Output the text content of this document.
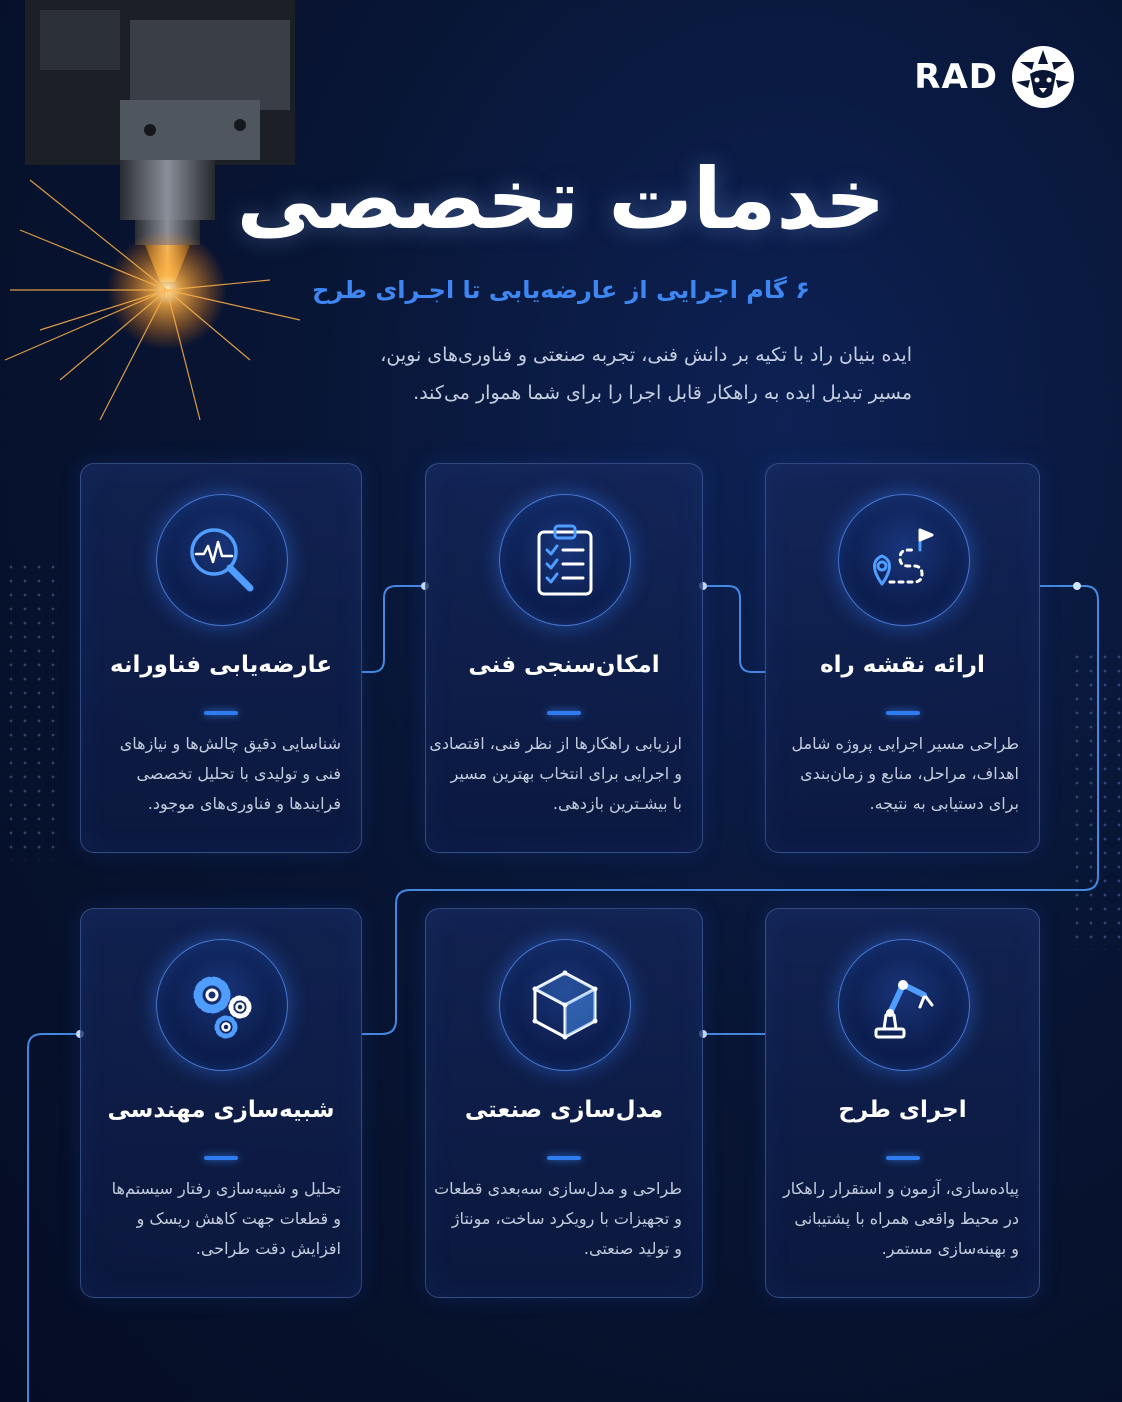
RAD
خدمات تخصصی
۶ گام اجرایی از عارضه‌یابی تا اجـرای طرح
ایده بنیان راد با تکیه بر دانش فنی، تجربه صنعتی و فناوری‌های نوین،
مسیر تبدیل ایده به راهکار قابل اجرا را برای شما هموار می‌کند.
ارائه نقشه راه
طراحی مسیر اجرایی پروژه شامل
اهداف، مراحل، منابع و زمان‌بندی
برای دستیابی به نتیجه.
امکان‌سنجی فنی
ارزیابی راهکارها از نظر فنی، اقتصادی
و اجرایی برای انتخاب بهترین مسیر
با بیشـترین بازدهی.
عارضه‌یابی فناورانه
شناسایی دقیق چالش‌ها و نیازهای
فنی و تولیدی با تحلیل تخصصی
فرایندها و فناوری‌های موجود.
اجرای طرح
پیاده‌سازی، آزمون و استقرار راهکار
در محیط واقعی همراه با پشتیبانی
و بهینه‌سازی مستمر.
مدل‌سازی صنعتی
طراحی و مدل‌سازی سه‌بعدی قطعات
و تجهیزات با رویکرد ساخت، مونتاژ
و تولید صنعتی.
شبیه‌سازی مهندسی
تحلیل و شبیه‌سازی رفتار سیستم‌ها
و قطعات جهت کاهش ریسک و
افزایش دقت طراحی.
